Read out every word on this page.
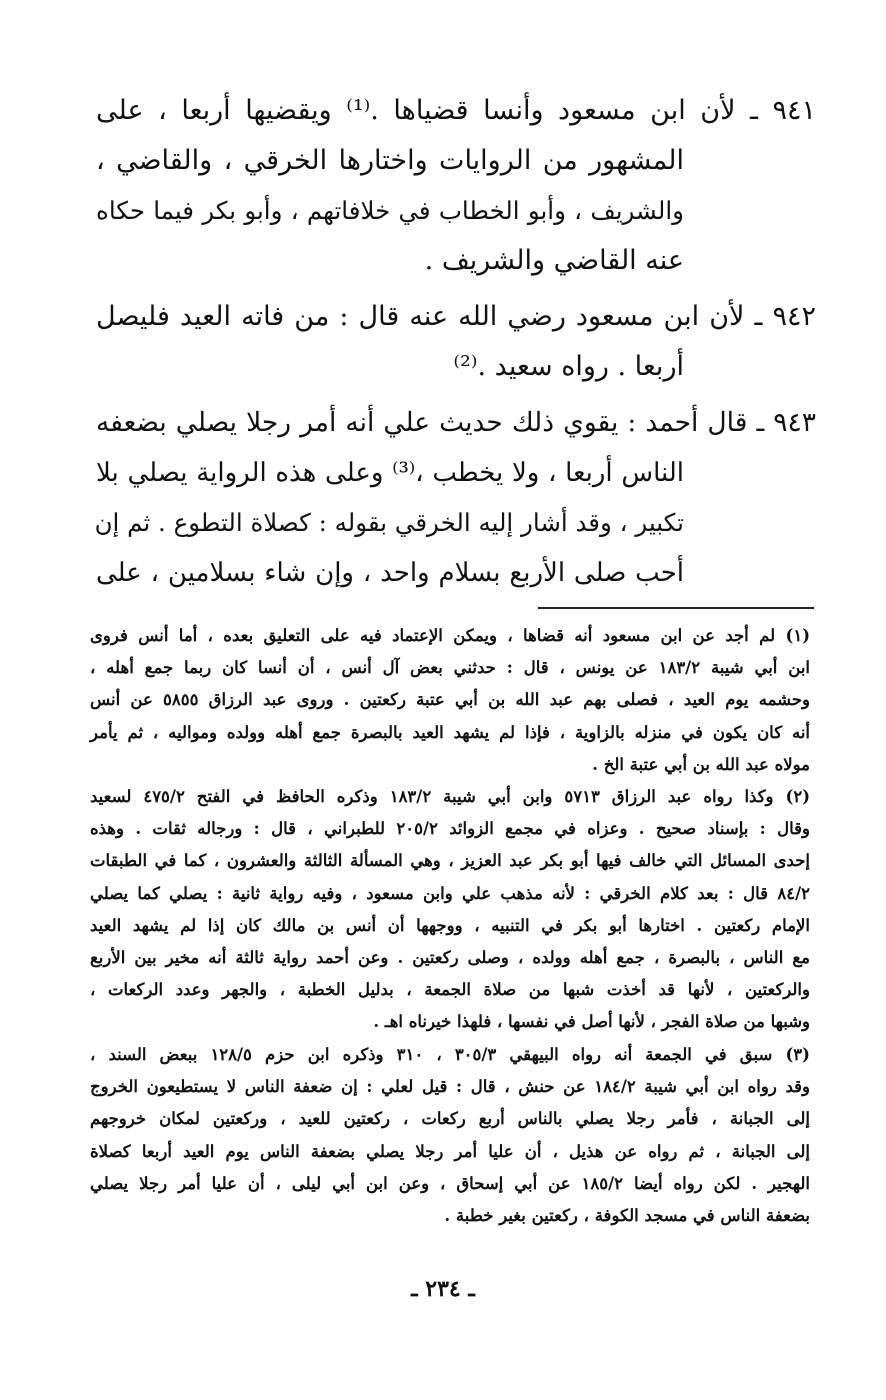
٩٤١ ـ لأن ابن مسعود وأنسا قضياها .⁽¹⁾ ويقضيها أربعا ، على
المشهور من الروايات واختارها الخرقي ، والقاضي ،
والشريف ، وأبو الخطاب في خلافاتهم ، وأبو بكر فيما حكاه
عنه القاضي والشريف .
٩٤٢ ـ لأن ابن مسعود رضي الله عنه قال : من فاته العيد فليصل
أربعا . رواه سعيد .⁽²⁾
٩٤٣ ـ قال أحمد : يقوي ذلك حديث علي أنه أمر رجلا يصلي بضعفه
الناس أربعا ، ولا يخطب ،⁽³⁾ وعلى هذه الرواية يصلي بلا
تكبير ، وقد أشار إليه الخرقي بقوله : كصلاة التطوع . ثم إن
أحب صلى الأربع بسلام واحد ، وإن شاء بسلامين ، على
(١) لم أجد عن ابن مسعود أنه قضاها ، ويمكن الإعتماد فيه على التعليق بعده ، أما أنس فروى
ابن أبي شيبة ١٨٣/٢ عن يونس ، قال : حدثني بعض آل أنس ، أن أنسا كان ربما جمع أهله ،
وحشمه يوم العيد ، فصلى بهم عبد الله بن أبي عتبة ركعتين . وروى عبد الرزاق ٥٨٥٥ عن أنس
أنه كان يكون في منزله بالزاوية ، فإذا لم يشهد العيد بالبصرة جمع أهله وولده ومواليه ، ثم يأمر
مولاه عبد الله بن أبي عتبة الخ .
(٢) وكذا رواه عبد الرزاق ٥٧١٣ وابن أبي شيبة ١٨٣/٢ وذكره الحافظ في الفتح ٤٧٥/٢ لسعيد
وقال : بإسناد صحيح . وعزاه في مجمع الزوائد ٢٠٥/٢ للطبراني ، قال : ورجاله ثقات . وهذه
إحدى المسائل التي خالف فيها أبو بكر عبد العزيز ، وهي المسألة الثالثة والعشرون ، كما في الطبقات
٨٤/٢ قال : بعد كلام الخرقي : لأنه مذهب علي وابن مسعود ، وفيه رواية ثانية : يصلي كما يصلي
الإمام ركعتين . اختارها أبو بكر في التنبيه ، ووجهها أن أنس بن مالك كان إذا لم يشهد العيد
مع الناس ، بالبصرة ، جمع أهله وولده ، وصلى ركعتين . وعن أحمد رواية ثالثة أنه مخير بين الأربع
والركعتين ، لأنها قد أخذت شبها من صلاة الجمعة ، بدليل الخطبة ، والجهر وعدد الركعات ،
وشبها من صلاة الفجر ، لأنها أصل في نفسها ، فلهذا خيرناه اهـ .
(٣) سبق في الجمعة أنه رواه البيهقي ٣٠٥/٣ ، ٣١٠ وذكره ابن حزم ١٢٨/٥ ببعض السند ،
وقد رواه ابن أبي شيبة ١٨٤/٢ عن حنش ، قال : قيل لعلي : إن ضعفة الناس لا يستطيعون الخروج
إلى الجبانة ، فأمر رجلا يصلي بالناس أربع ركعات ، ركعتين للعيد ، وركعتين لمكان خروجهم
إلى الجبانة ، ثم رواه عن هذيل ، أن عليا أمر رجلا يصلي بضعفة الناس يوم العيد أربعا كصلاة
الهجير . لكن رواه أيضا ١٨٥/٢ عن أبي إسحاق ، وعن ابن أبي ليلى ، أن عليا أمر رجلا يصلي
بضعفة الناس في مسجد الكوفة ، ركعتين بغير خطبة .
ـ ٢٣٤ ـ
